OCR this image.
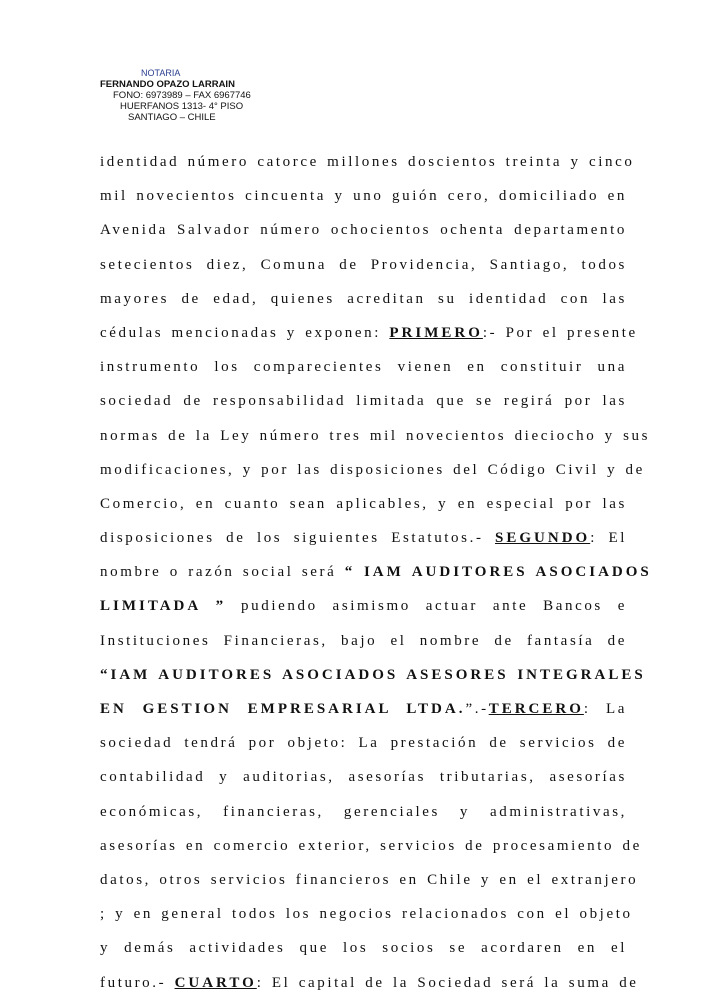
NOTARIA
FERNANDO OPAZO LARRAIN
FONO: 6973989 – FAX 6967746
HUERFANOS 1313- 4° PISO
SANTIAGO – CHILE
identidad número catorce millones doscientos treinta y cinco
mil novecientos cincuenta y uno guión cero, domiciliado en
Avenida Salvador número ochocientos ochenta departamento
setecientos diez, Comuna de Providencia, Santiago, todos
mayores de edad, quienes acreditan su identidad con las
cédulas mencionadas y exponen: PRIMERO:- Por el presente
instrumento los comparecientes vienen en constituir una
sociedad de responsabilidad limitada que se regirá por las
normas de la Ley número tres mil novecientos dieciocho y sus
modificaciones, y por las disposiciones del Código Civil y de
Comercio, en cuanto sean aplicables, y en especial por las
disposiciones de los siguientes Estatutos.- SEGUNDO: El
nombre o razón social será “ IAM AUDITORES ASOCIADOS
LIMITADA ” pudiendo asimismo actuar ante Bancos e
Instituciones Financieras, bajo el nombre de fantasía de
“IAM AUDITORES ASOCIADOS ASESORES INTEGRALES
EN GESTION EMPRESARIAL LTDA.”.-TERCERO: La
sociedad tendrá por objeto: La prestación de servicios de
contabilidad y auditorias, asesorías tributarias, asesorías
económicas, financieras, gerenciales y administrativas,
asesorías en comercio exterior, servicios de procesamiento de
datos, otros servicios financieros en Chile y en el extranjero
; y en general todos los negocios relacionados con el objeto
y demás actividades que los socios se acordaren en el
futuro.- CUARTO: El capital de la Sociedad será la suma de
